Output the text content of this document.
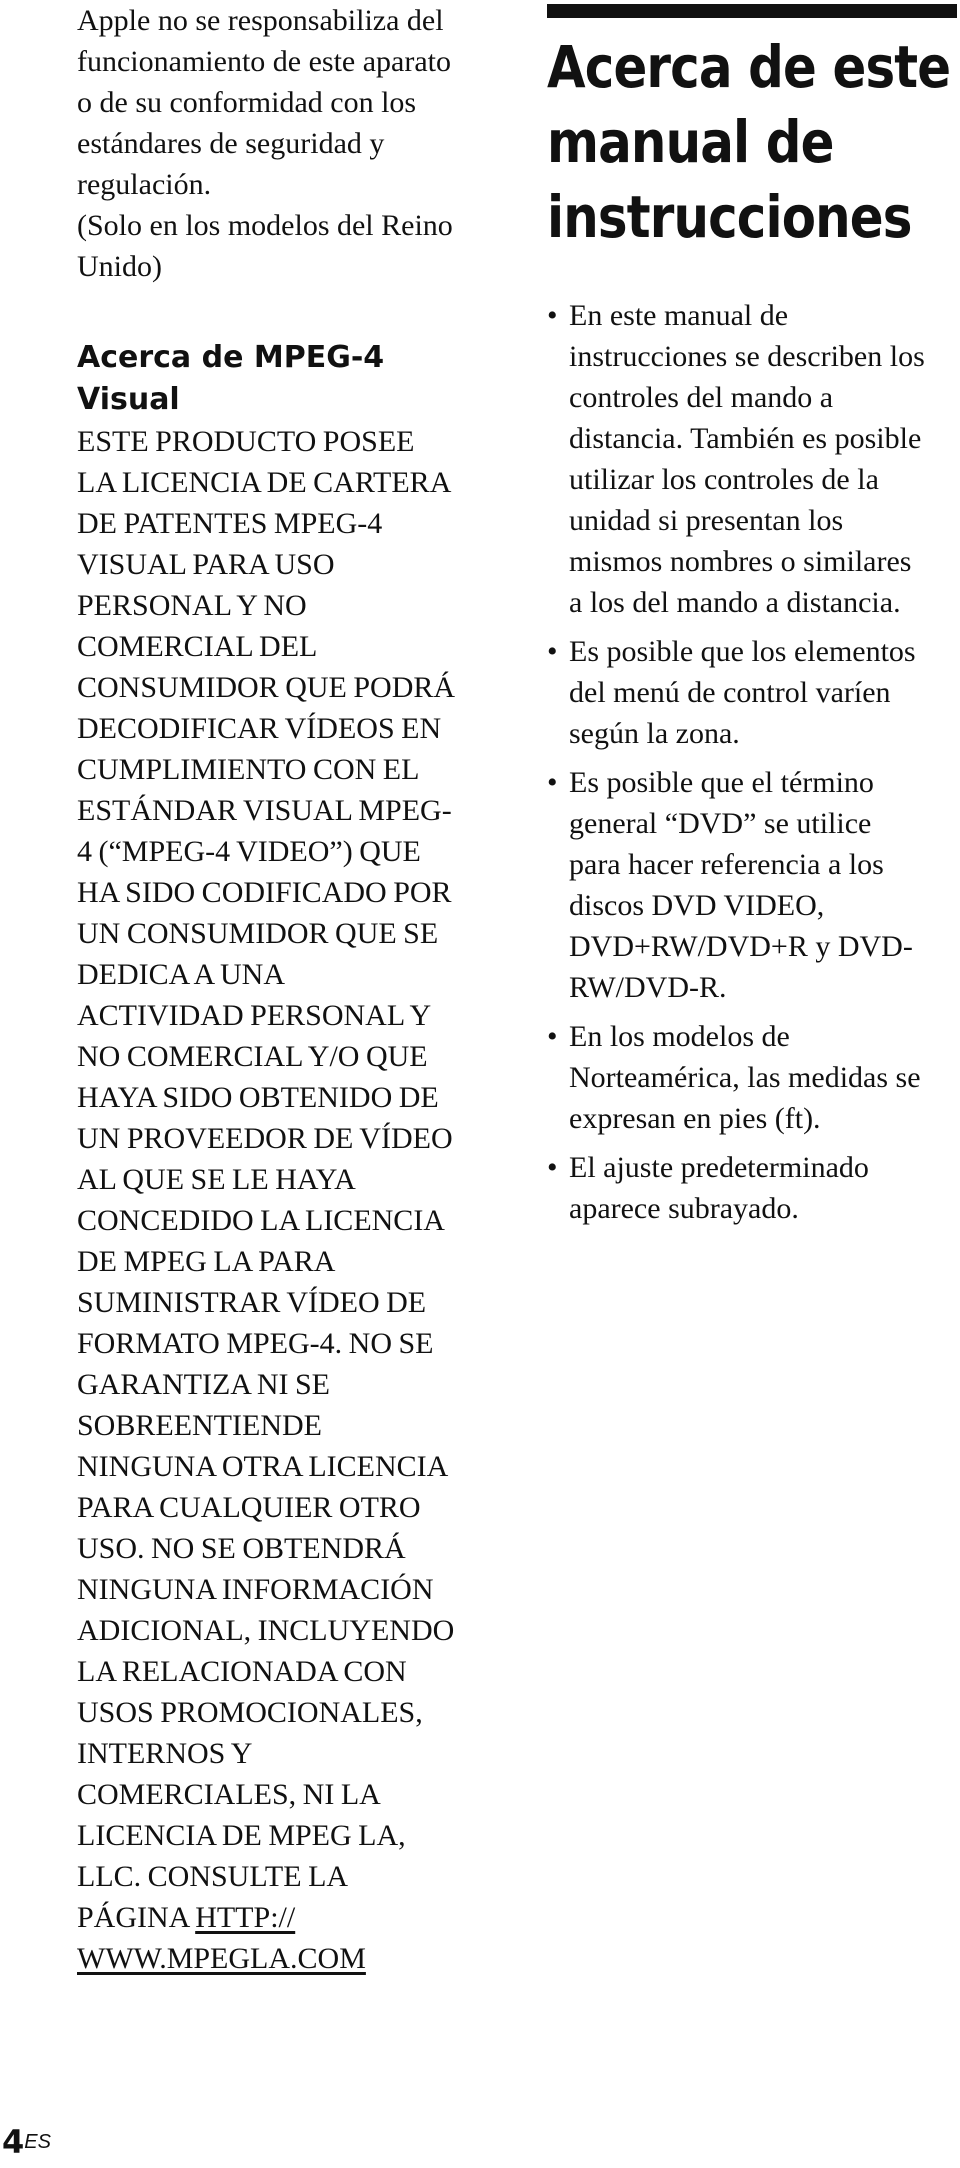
Apple no se responsabiliza del
funcionamiento de este aparato
o de su conformidad con los
estándares de seguridad y
regulación.
(Solo en los modelos del Reino
Unido)

Acerca de MPEG-4
Visual

ESTE PRODUCTO POSEE
LA LICENCIA DE CARTERA
DE PATENTES MPEG-4
VISUAL PARA USO
PERSONAL Y NO
COMERCIAL DEL
CONSUMIDOR QUE PODRÁ
DECODIFICAR VÍDEOS EN
CUMPLIMIENTO CON EL
ESTÁNDAR VISUAL MPEG-
4 (“MPEG-4 VIDEO”) QUE
HA SIDO CODIFICADO POR
UN CONSUMIDOR QUE SE
DEDICA A UNA
ACTIVIDAD PERSONAL Y
NO COMERCIAL Y/O QUE
HAYA SIDO OBTENIDO DE
UN PROVEEDOR DE VÍDEO
AL QUE SE LE HAYA
CONCEDIDO LA LICENCIA
DE MPEG LA PARA
SUMINISTRAR VÍDEO DE
FORMATO MPEG-4. NO SE
GARANTIZA NI SE
SOBREENTIENDE
NINGUNA OTRA LICENCIA
PARA CUALQUIER OTRO
USO. NO SE OBTENDRÁ
NINGUNA INFORMACIÓN
ADICIONAL, INCLUYENDO
LA RELACIONADA CON
USOS PROMOCIONALES,
INTERNOS Y
COMERCIALES, NI LA
LICENCIA DE MPEG LA,
LLC. CONSULTE LA
PÁGINA HTTP://
WWW.MPEGLA.COM

Acerca de este
manual de
instrucciones
• En este manual de
instrucciones se describen los
controles del mando a
distancia. También es posible
utilizar los controles de la
unidad si presentan los
mismos nombres o similares
a los del mando a distancia.
• Es posible que los elementos
del menú de control varíen
según la zona.
• Es posible que el término
general “DVD” se utilice
para hacer referencia a los
discos DVD VIDEO,
DVD+RW/DVD+R y DVD-
RW/DVD-R.
• En los modelos de
Norteamérica, las medidas se
expresan en pies (ft).
• El ajuste predeterminado
aparece subrayado.
$4^{ES}$
